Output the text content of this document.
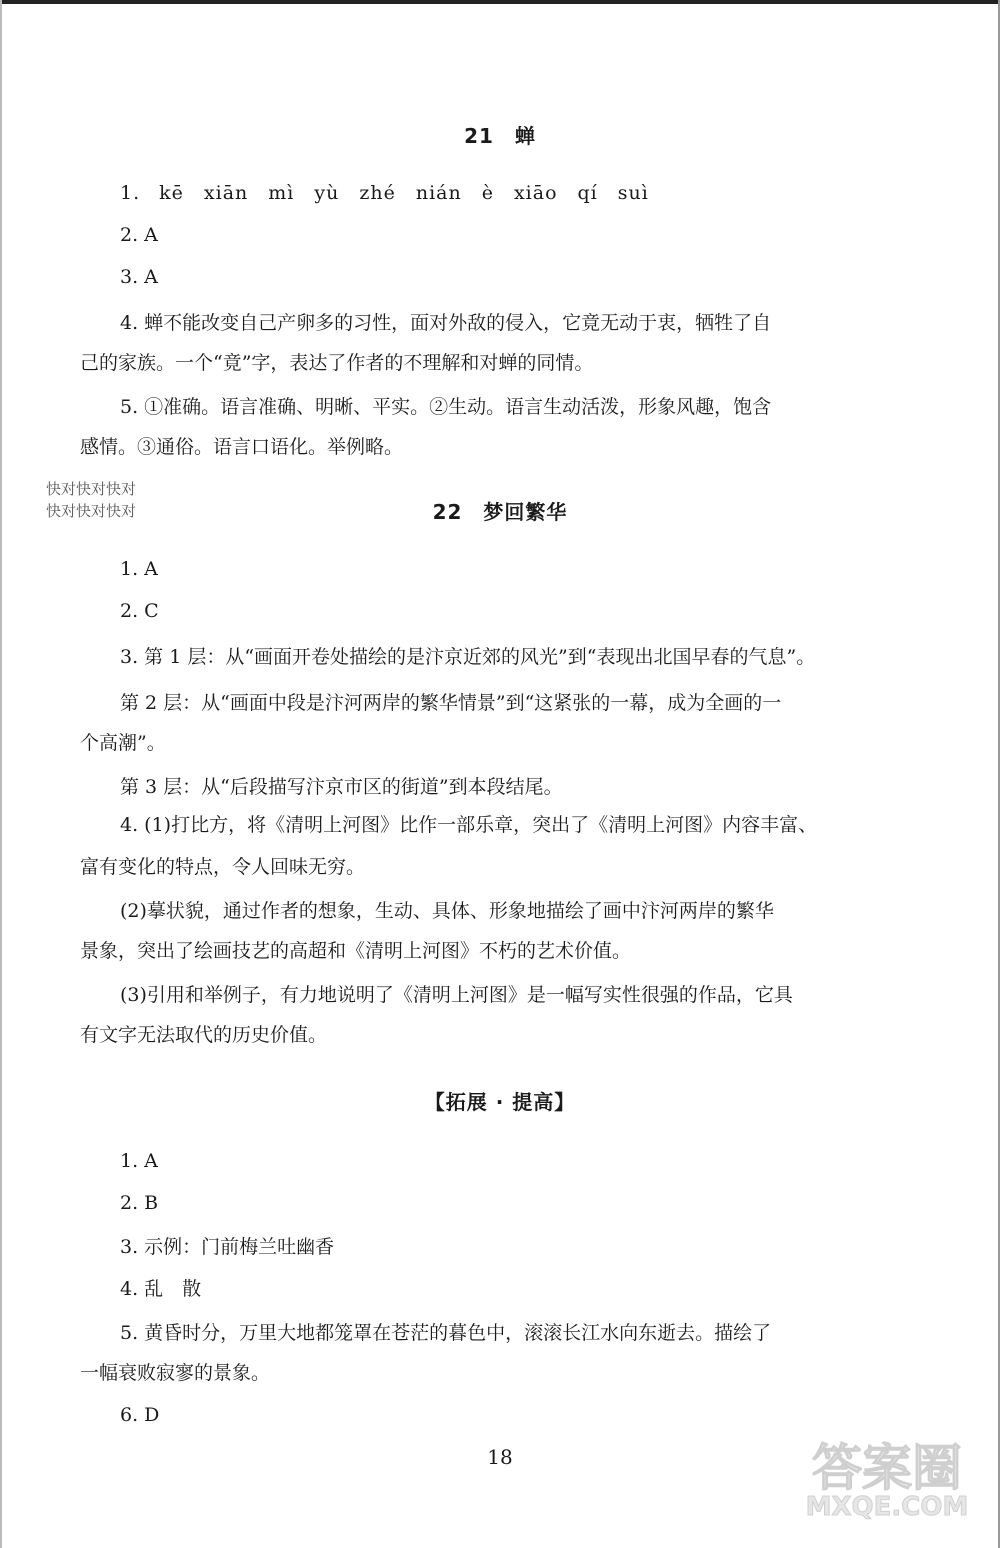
21　蝉
1. kē　xiān　mì　yù　zhé　nián　è　xiāo　qí　suì
2. A
3. A
4. 蝉不能改变自己产卵多的习性，面对外敌的侵入，它竟无动于衷，牺牲了自
己的家族。一个“竟”字，表达了作者的不理解和对蝉的同情。
5. ①准确。语言准确、明晰、平实。②生动。语言生动活泼，形象风趣，饱含
感情。③通俗。语言口语化。举例略。
快对快对快对
快对快对快对	22　梦回繁华
1. A
2. C
3. 第 1 层：从“画面开卷处描绘的是汴京近郊的风光”到“表现出北国早春的气息”。
第 2 层：从“画面中段是汴河两岸的繁华情景”到“这紧张的一幕，成为全画的一
个高潮”。
第 3 层：从“后段描写汴京市区的街道”到本段结尾。
4. (1)打比方，将《清明上河图》比作一部乐章，突出了《清明上河图》内容丰富、
富有变化的特点，令人回味无穷。
(2)摹状貌，通过作者的想象，生动、具体、形象地描绘了画中汴河两岸的繁华
景象，突出了绘画技艺的高超和《清明上河图》不朽的艺术价值。
(3)引用和举例子，有力地说明了《清明上河图》是一幅写实性很强的作品，它具
有文字无法取代的历史价值。
【拓展 · 提高】
1. A
2. B
3. 示例：门前梅兰吐幽香
4. 乱　散
5. 黄昏时分，万里大地都笼罩在苍茫的暮色中，滚滚长江水向东逝去。描绘了
一幅衰败寂寥的景象。
6. D
18	答案圈
MXQE.COM
